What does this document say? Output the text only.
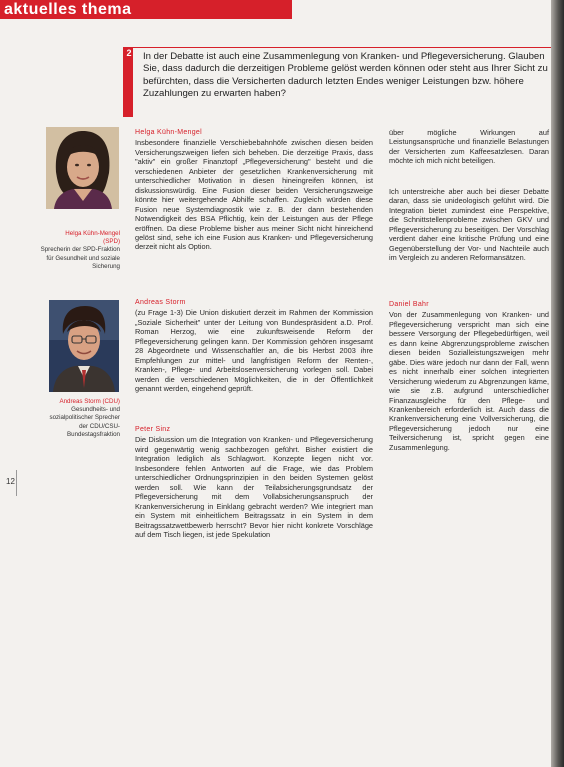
aktuelles thema
2 In der Debatte ist auch eine Zusammenlegung von Kranken- und Pflegeversicherung. Glauben Sie, dass dadurch die derzeitigen Probleme gelöst werden können oder steht aus Ihrer Sicht zu befürchten, dass die Versicherten dadurch letzten Endes weniger Leistungen bzw. höhere Zuzahlungen zu erwarten haben?
Helga Kühn-Mengel
(SPD)
Sprecherin der SPD-Fraktion für Gesundheit und soziale Sicherung
Andreas Storm (CDU)
Gesundheits- und sozialpolitischer Sprecher der CDU/CSU-Bundestagsfraktion
12
Helga Kühn-Mengel

Insbesondere finanzielle Verschiebebahnhöfe zwischen diesen beiden Versicherungszweigen liefen sich beheben. Die derzeitige Praxis, dass "aktiv" ein großer Finanztopf „Pflegeversicherung" besteht und die verschiedenen Anbieter der gesetzlichen Krankenversicherung mit unterschiedlicher Motivation in diesen hineingreifen können, ist diskussionswürdig. Eine Fusion dieser beiden Versicherungszweige könnte hier weitergehende Abhilfe schaffen. Zugleich würden diese Fusion neue Systemdiagnostik wie z. B. der dann bestehenden Notwendigkeit des BSA Pflichtig, kein der Leistungen aus der Pflege eröffnen. Da diese Probleme bisher aus meiner Sicht nicht hinreichend gelöst sind, sehe ich eine Fusion aus Kranken- und Pflegeversicherung derzeit nicht als Option.

Andreas Storm

(zu Frage 1-3) Die Union diskutiert derzeit im Rahmen der Kommission „Soziale Sicherheit" unter der Leitung von Bundespräsident a.D. Prof. Roman Herzog, wie eine zukunftsweisende Reform der Pflegeversicherung gelingen kann. Der Kommission gehören insgesamt 28 Abgeordnete und Wissenschaftler an, die bis Herbst 2003 ihre Empfehlungen zur mittel- und langfristigen Reform der Renten-, Kranken-, Pflege- und Arbeitslosenversicherung vorlegen soll. Dabei werden die verschiedenen Möglichkeiten, die in der Öffentlichkeit genannt werden, eingehend geprüft.

Peter Sinz

Die Diskussion um die Integration von Kranken- und Pflegeversicherung wird gegenwärtig wenig sachbezogen geführt. Bisher existiert die Integration lediglich als Schlagwort. Konzepte liegen nicht vor. Insbesondere fehlen Antworten auf die Frage, wie das Problem unterschiedlicher Ordnungsprinzipien in den beiden Systemen gelöst werden soll. Wie kann der Teilabsicherungsgrundsatz der Pflegeversicherung mit dem Vollabsicherungsanspruch der Krankenversicherung in Einklang gebracht werden? Wie integriert man ein System mit einheitlichem Beitragssatz in ein System in dem Beitragssatzwettbewerb herrscht? Bevor hier nicht konkrete Vorschläge auf dem Tisch liegen, ist jede Spekulation

über mögliche Wirkungen auf Leistungsansprüche und finanzielle Belastungen der Versicherten zum Kaffeesatzlesen. Daran möchte ich mich nicht beteiligen.

Ich unterstreiche aber auch bei dieser Debatte daran, dass sie unideologisch geführt wird. Die Integration bietet zumindest eine Perspektive, die Schnittstellenprobleme zwischen GKV und Pflegeversicherung zu beseitigen. Der Vorschlag verdient daher eine kritische Prüfung und eine Gegenüberstellung der Vor- und Nachteile auch im Vergleich zu anderen Reformansätzen.

Daniel Bahr

Von der Zusammenlegung von Kranken- und Pflegeversicherung verspricht man sich eine bessere Versorgung der Pflegebedürftigen, weil es dann keine Abgrenzungsprobleme zwischen diesen beiden Sozialleistungszweigen mehr gäbe. Dies wäre jedoch nur dann der Fall, wenn es nicht innerhalb einer solchen integrierten Versicherung wiederum zu Abgrenzungen käme, wie sie z.B. aufgrund unterschiedlicher Finanzausgleiche für den Pflege- und Krankenbereich erforderlich ist. Auch dass die Krankenversicherung eine Vollversicherung, die Pflegeversicherung jedoch nur eine Teilversicherung ist, spricht gegen eine Zusammenlegung.
